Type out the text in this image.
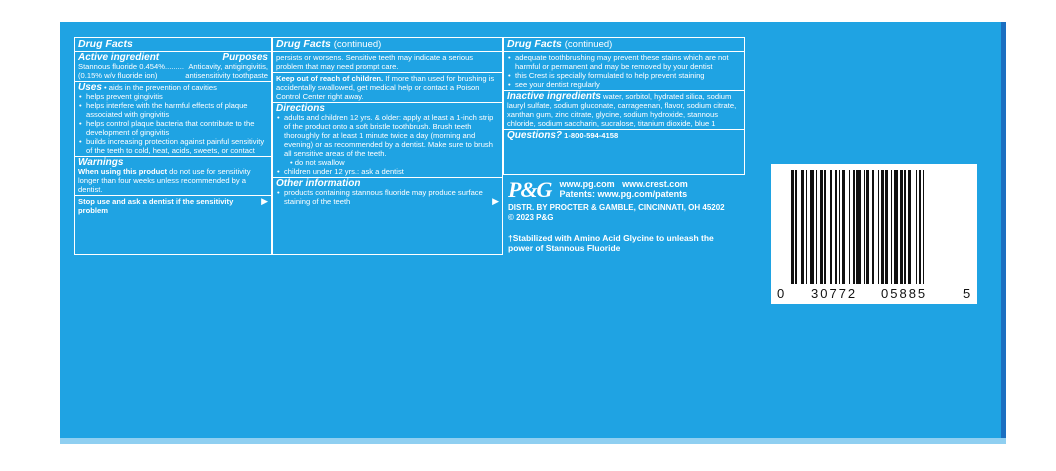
Drug Facts
Active ingredient	Purposes
Stannous fluoride 0.454%......... Anticavity, antigingivitis,
(0.15% w/v fluoride ion)	antisensitivity toothpaste
Uses • aids in the prevention of cavities
• helps prevent gingivitis
• helps interfere with the harmful effects of plaque associated with gingivitis
• helps control plaque bacteria that contribute to the development of gingivitis
• builds increasing protection against painful sensitivity of the teeth to cold, heat, acids, sweets, or contact
Warnings
When using this product do not use for sensitivity longer than four weeks unless recommended by a dentist.
Stop use and ask a dentist if the sensitivity problem
▶
Drug Facts (continued)
persists or worsens. Sensitive teeth may indicate a serious problem that may need prompt care.
Keep out of reach of children. If more than used for brushing is accidentally swallowed, get medical help or contact a Poison Control Center right away.
Directions
• adults and children 12 yrs. & older: apply at least a 1-inch strip of the product onto a soft bristle toothbrush. Brush teeth thoroughly for at least 1 minute twice a day (morning and evening) or as recommended by a dentist. Make sure to brush all sensitive areas of the teeth.
• do not swallow
• children under 12 yrs.: ask a dentist
Other information
• products containing stannous fluoride may produce surface staining of the teeth	▶
Drug Facts (continued)
• adequate toothbrushing may prevent these stains which are not harmful or permanent and may be removed by your dentist
• this Crest is specially formulated to help prevent staining
• see your dentist regularly
Inactive ingredients water, sorbitol, hydrated silica, sodium lauryl sulfate, sodium gluconate, carrageenan, flavor, sodium citrate, xanthan gum, zinc citrate, glycine, sodium hydroxide, stannous chloride, sodium saccharin, sucralose, titanium dioxide, blue 1
Questions? 1-800-594-4158
P&G www.pg.com   www.crest.com
Patents: www.pg.com/patents
DISTR. BY PROCTER & GAMBLE, CINCINNATI, OH 45202
© 2023 P&G
†Stabilized with Amino Acid Glycine to unleash the power of Stannous Fluoride
0 30772 05885	5
